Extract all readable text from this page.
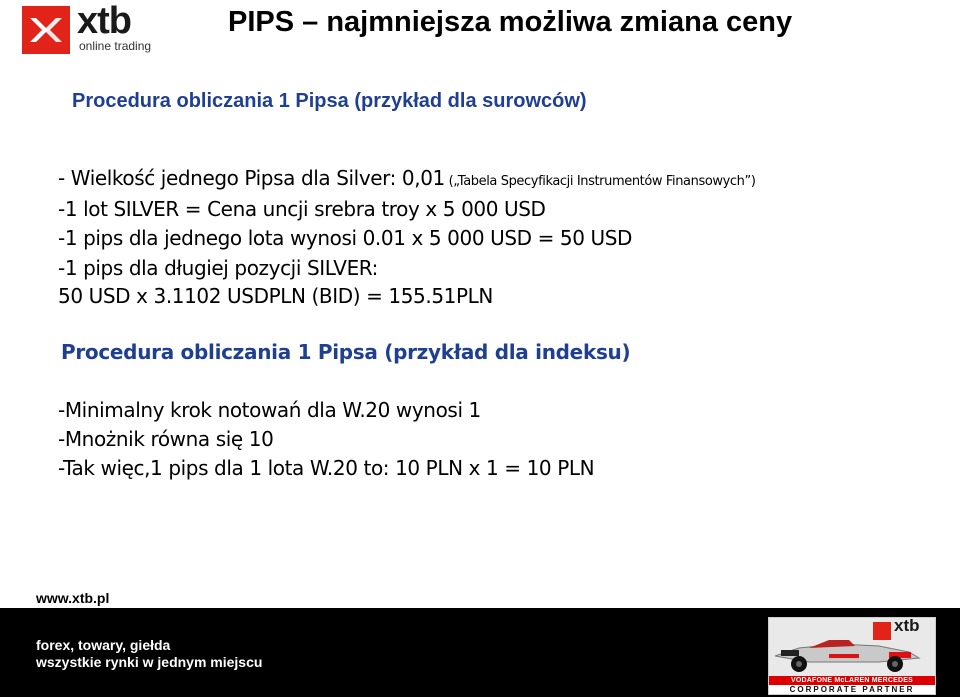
xtb
online trading
PIPS – najmniejsza możliwa zmiana ceny
Procedura obliczania 1 Pipsa (przykład dla surowców)
- Wielkość jednego Pipsa dla Silver: 0,01 („Tabela Specyfikacji Instrumentów Finansowych”)
-1 lot SILVER = Cena uncji srebra troy x 5 000 USD
-1 pips dla jednego lota wynosi 0.01 x 5 000 USD = 50 USD
-1 pips dla długiej pozycji SILVER:
50 USD x 3.1102 USDPLN (BID) = 155.51PLN
Procedura obliczania 1 Pipsa (przykład dla indeksu)
-Minimalny krok notowań dla W.20 wynosi 1
-Mnożnik równa się 10
-Tak więc,1 pips dla 1 lota W.20 to: 10 PLN x 1 = 10 PLN
www.xtb.pl
forex, towary, giełda
wszystkie rynki w jednym miejscu
xtb
VODAFONE McLAREN MERCEDES
CORPORATE PARTNER
